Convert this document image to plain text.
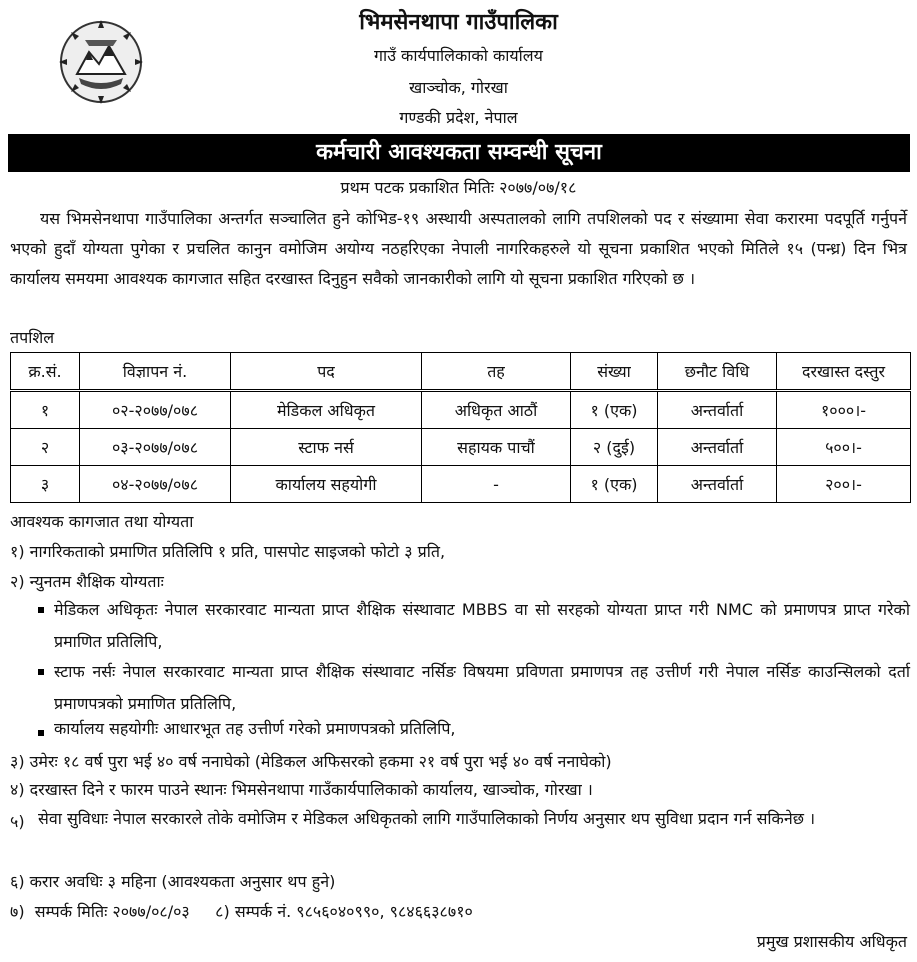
भिमसेनथापा गाउँपालिका
गाउँ कार्यपालिकाको कार्यालय
खाञ्चोक, गोरखा
गण्डकी प्रदेश, नेपाल
कर्मचारी आवश्यकता सम्वन्धी सूचना
प्रथम पटक प्रकाशित मितिः २०७७/०७/१८

यस भिमसेनथापा गाउँपालिका अन्तर्गत सञ्चालित हुने कोभिड-१९ अस्थायी अस्पतालको लागि तपशिलको पद र संख्यामा सेवा करारमा पदपूर्ति गर्नुपर्ने भएको हुदाँ योग्यता पुगेका र प्रचलित कानुन वमोजिम अयोग्य नठहरिएका नेपाली नागरिकहरुले यो सूचना प्रकाशित भएको मितिले १५ (पन्ध्र) दिन भित्र कार्यालय समयमा आवश्यक कागजात सहित दरखास्त दिनुहुन सवैको जानकारीको लागि यो सूचना प्रकाशित गरिएको छ ।

तपशिल
क्र.सं.	विज्ञापन नं.	पद	तह	संख्या	छनौट विधि	दरखास्त दस्तुर
१	०२-२०७७/०७८	मेडिकल अधिकृत	अधिकृत आठौं	१ (एक)	अन्तर्वार्ता	१०००।-
२	०३-२०७७/०७८	स्टाफ नर्स	सहायक पाचौं	२ (दुई)	अन्तर्वार्ता	५००।-
३	०४-२०७७/०७८	कार्यालय सहयोगी	-	१ (एक)	अन्तर्वार्ता	२००।-
आवश्यक कागजात तथा योग्यता
१) नागरिकताको प्रमाणित प्रतिलिपि १ प्रति, पासपोट साइजको फोटो ३ प्रति,
२) न्युनतम शैक्षिक योग्यताः

मेडिकल अधिकृतः नेपाल सरकारवाट मान्यता प्राप्त शैक्षिक संस्थावाट MBBS वा सो सरहको योग्यता प्राप्त गरी NMC को प्रमाणपत्र प्राप्त गरेको प्रमाणित प्रतिलिपि,

स्टाफ नर्सः नेपाल सरकारवाट मान्यता प्राप्त शैक्षिक संस्थावाट नर्सिङ विषयमा प्रविणता प्रमाणपत्र तह उत्तीर्ण गरी नेपाल नर्सिङ काउन्सिलको दर्ता प्रमाणपत्रको प्रमाणित प्रतिलिपि,

कार्यालय सहयोगीः आधारभूत तह उत्तीर्ण गरेको प्रमाणपत्रको प्रतिलिपि,
३) उमेरः १८ वर्ष पुरा भई ४० वर्ष ननाघेको (मेडिकल अफिसरको हकमा २१ वर्ष पुरा भई ४० वर्ष ननाघेको)
४) दरखास्त दिने र फारम पाउने स्थानः भिमसेनथापा गाउँकार्यपालिकाको कार्यालय, खाञ्चोक, गोरखा ।
५) सेवा सुविधाः नेपाल सरकारले तोके वमोजिम र मेडिकल अधिकृतको लागि गाउँपालिकाको निर्णय अनुसार थप सुविधा प्रदान गर्न सकिनेछ ।

६) करार अवधिः ३ महिना (आवश्यकता अनुसार थप हुने)
७)  सम्पर्क मितिः २०७७/०८/०३     ८) सम्पर्क नं. ९८५६०४०९९०, ९८४६६३८७१०
प्रमुख प्रशासकीय अधिकृत
